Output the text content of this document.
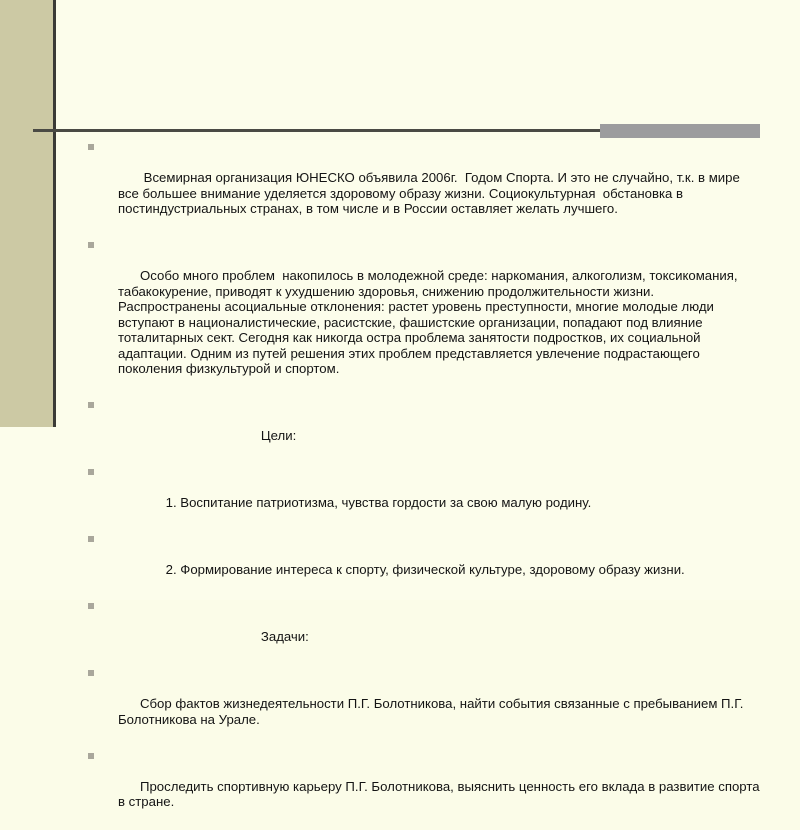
Всемирная организация ЮНЕСКО объявила 2006г.  Годом Спорта. И это не случайно, т.к. в мире все большее внимание уделяется здоровому образу жизни. Социокультурная  обстановка в постиндустриальных странах, в том числе и в России оставляет желать лучшего.

Особо много проблем  накопилось в молодежной среде: наркомания, алкоголизм, токсикомания, табакокурение, приводят к ухудшению здоровья, снижению продолжительности жизни. Распространены асоциальные отклонения: растет уровень преступности, многие молодые люди вступают в националистические, расистские, фашистские организации, попадают под влияние тоталитарных сект. Сегодня как никогда остра проблема занятости подростков, их социальной адаптации. Одним из путей решения этих проблем представляется увлечение подрастающего поколения физкультурой и спортом.

Цели:

1. Воспитание патриотизма, чувства гордости за свою малую родину.

2. Формирование интереса к спорту, физической культуре, здоровому образу жизни.

Задачи:

Сбор фактов жизнедеятельности П.Г. Болотникова, найти события связанные с пребыванием П.Г. Болотникова на Урале.

Проследить спортивную карьеру П.Г. Болотникова, выяснить ценность его вклада в развитие спорта в стране.
